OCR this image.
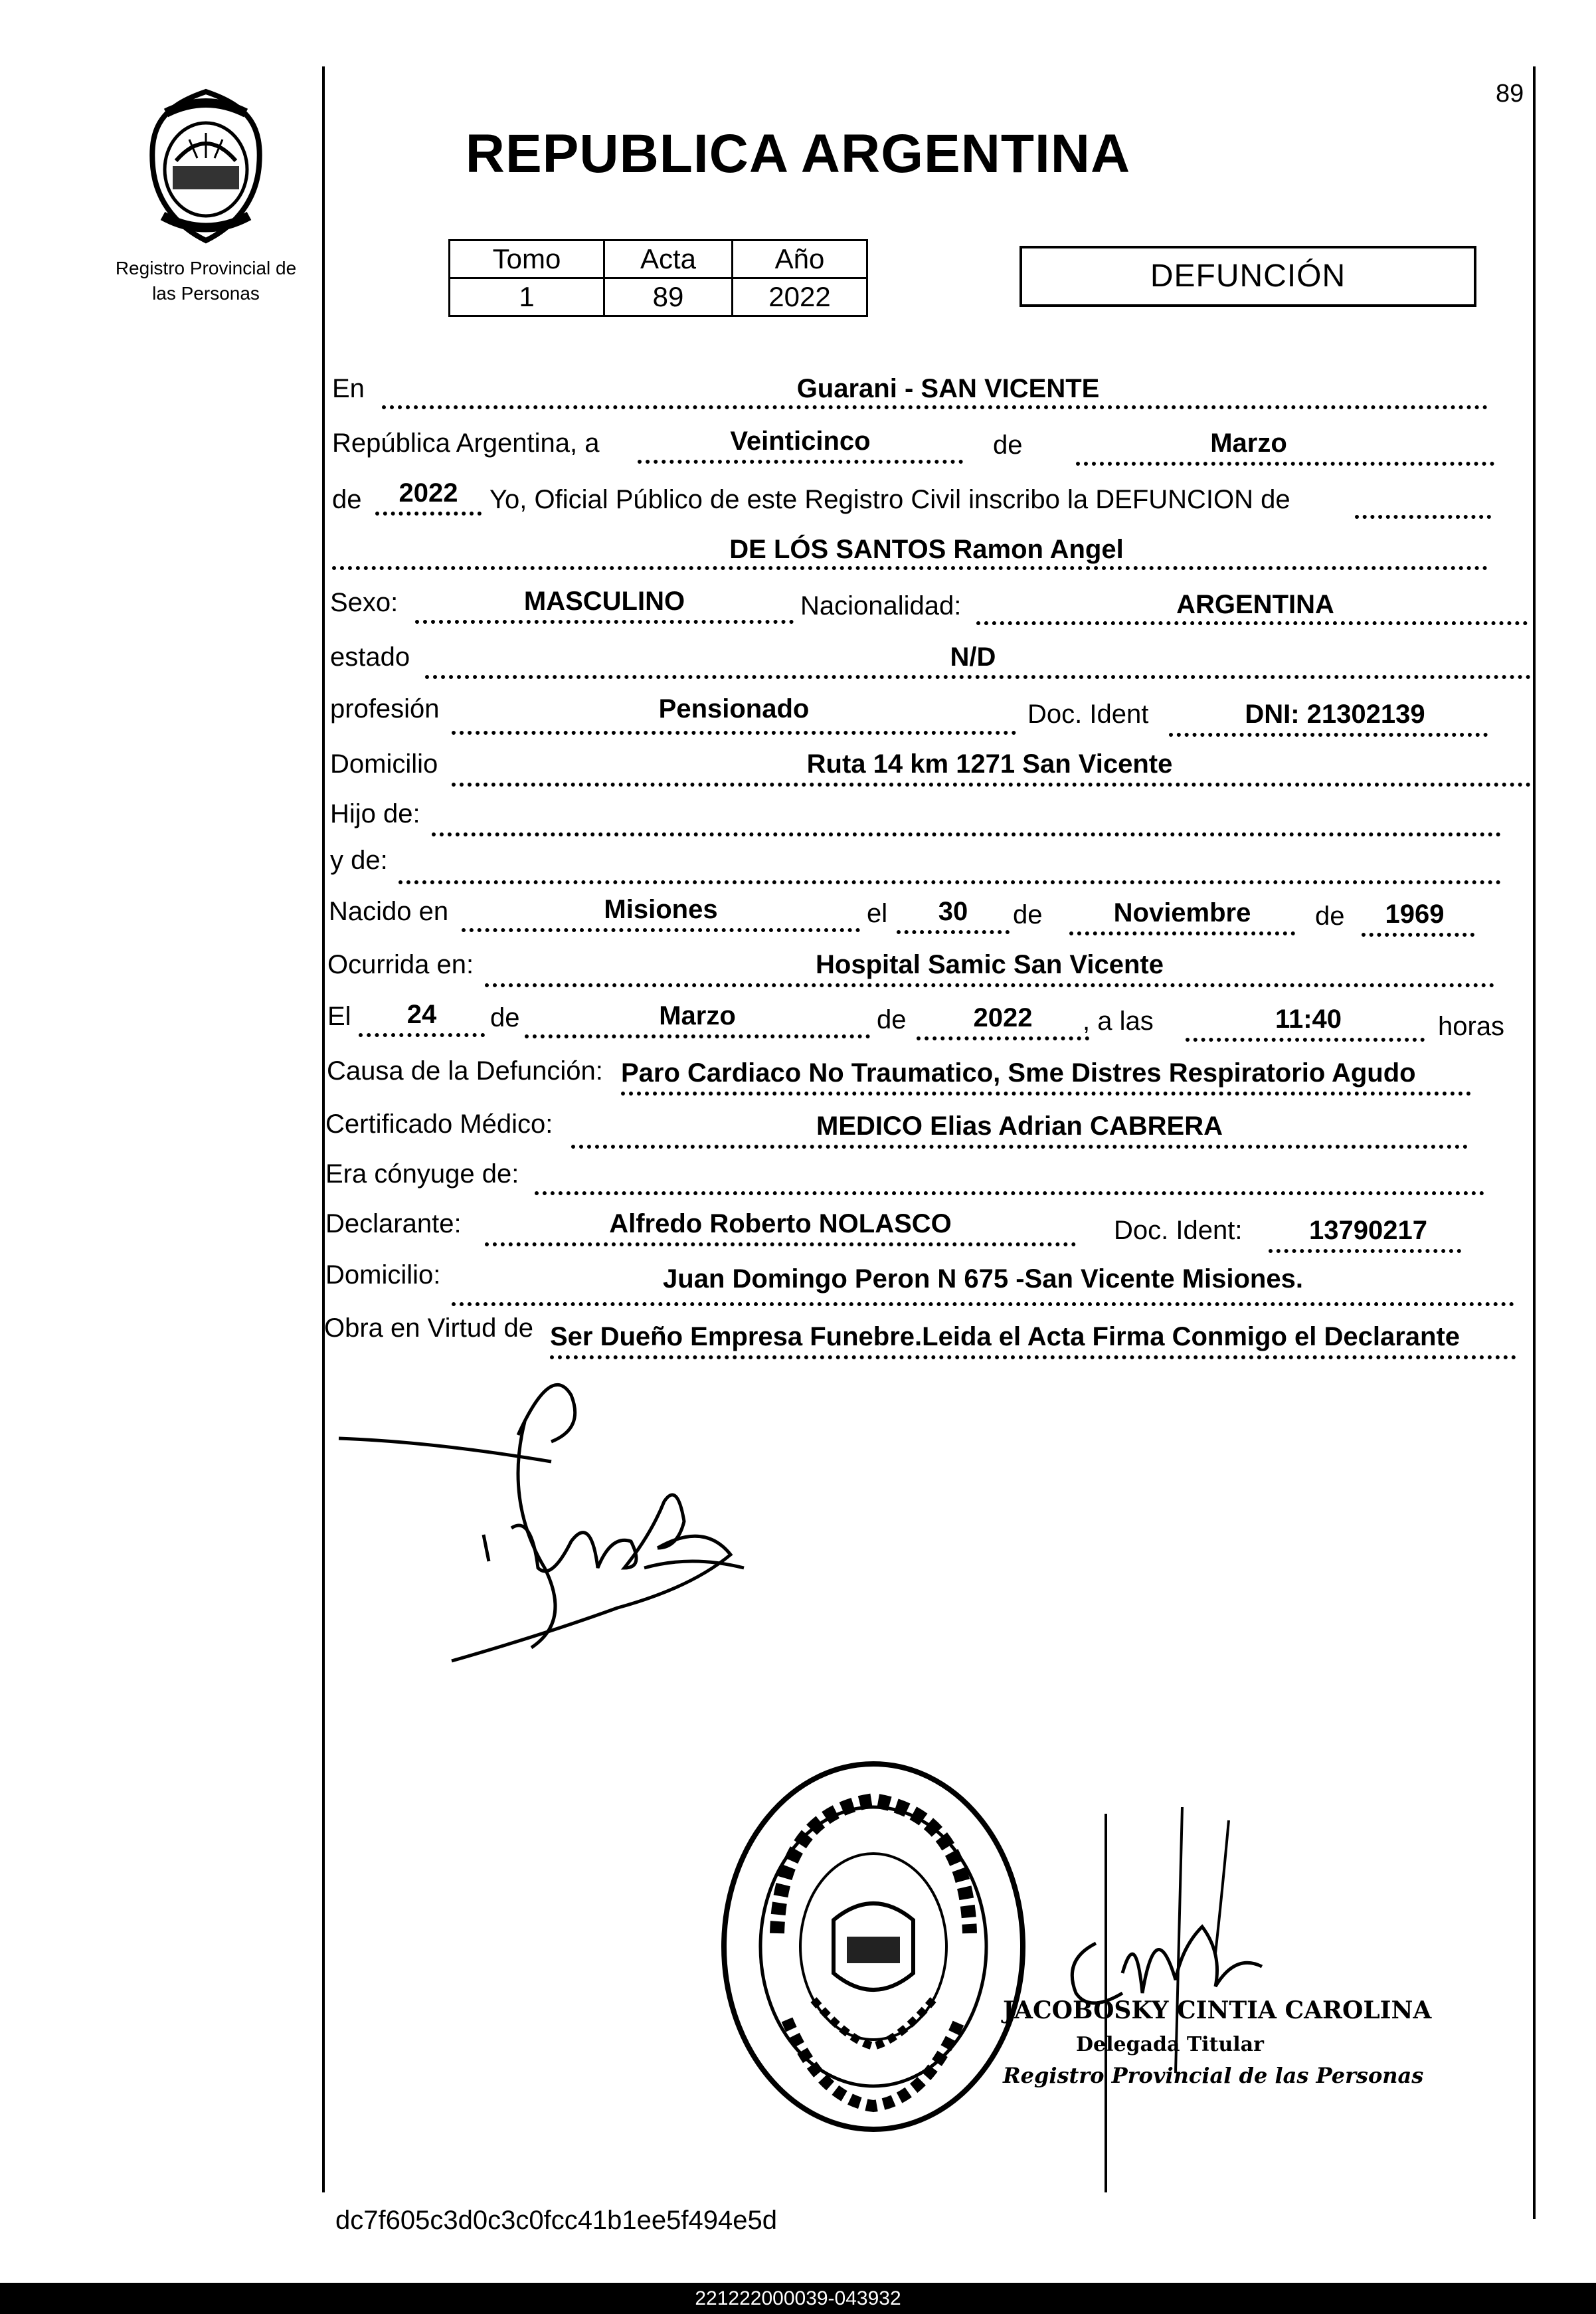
89
REPUBLICA ARGENTINA
Registro Provincial de
las Personas
Tomo	Acta	Año
1	89	2022
DEFUNCIÓN
En	Guarani - SAN VICENTE
República Argentina, a	Veinticinco	de	Marzo
de	2022	Yo, Oficial Público de este Registro Civil inscribo la DEFUNCION de
DE LÓS SANTOS Ramon Angel
Sexo:	MASCULINO	Nacionalidad:	ARGENTINA
estado	N/D
profesión	Pensionado	Doc. Ident	DNI: 21302139
Domicilio	Ruta 14 km 1271 San Vicente
Hijo de:
y de:
Nacido en	Misiones	el	30	de	Noviembre	de	1969
Ocurrida en:	Hospital Samic San Vicente
El	24	de	Marzo	de	2022	, a las	11:40	horas
Causa de la Defunción: Paro Cardiaco No Traumatico, Sme Distres Respiratorio Agudo
Certificado Médico:	MEDICO Elias Adrian CABRERA
Era cónyuge de:
Declarante:	Alfredo Roberto NOLASCO	Doc. Ident:	13790217
Domicilio:	Juan Domingo Peron N 675 -San Vicente Misiones.
Obra en Virtud de Ser Dueño Empresa Funebre.Leida el Acta Firma Conmigo el Declarante
JACOBOSKY CINTIA CAROLINA
Delegada Titular
Registro Provincial de las Personas
dc7f605c3d0c3c0fcc41b1ee5f494e5d
221222000039-043932
